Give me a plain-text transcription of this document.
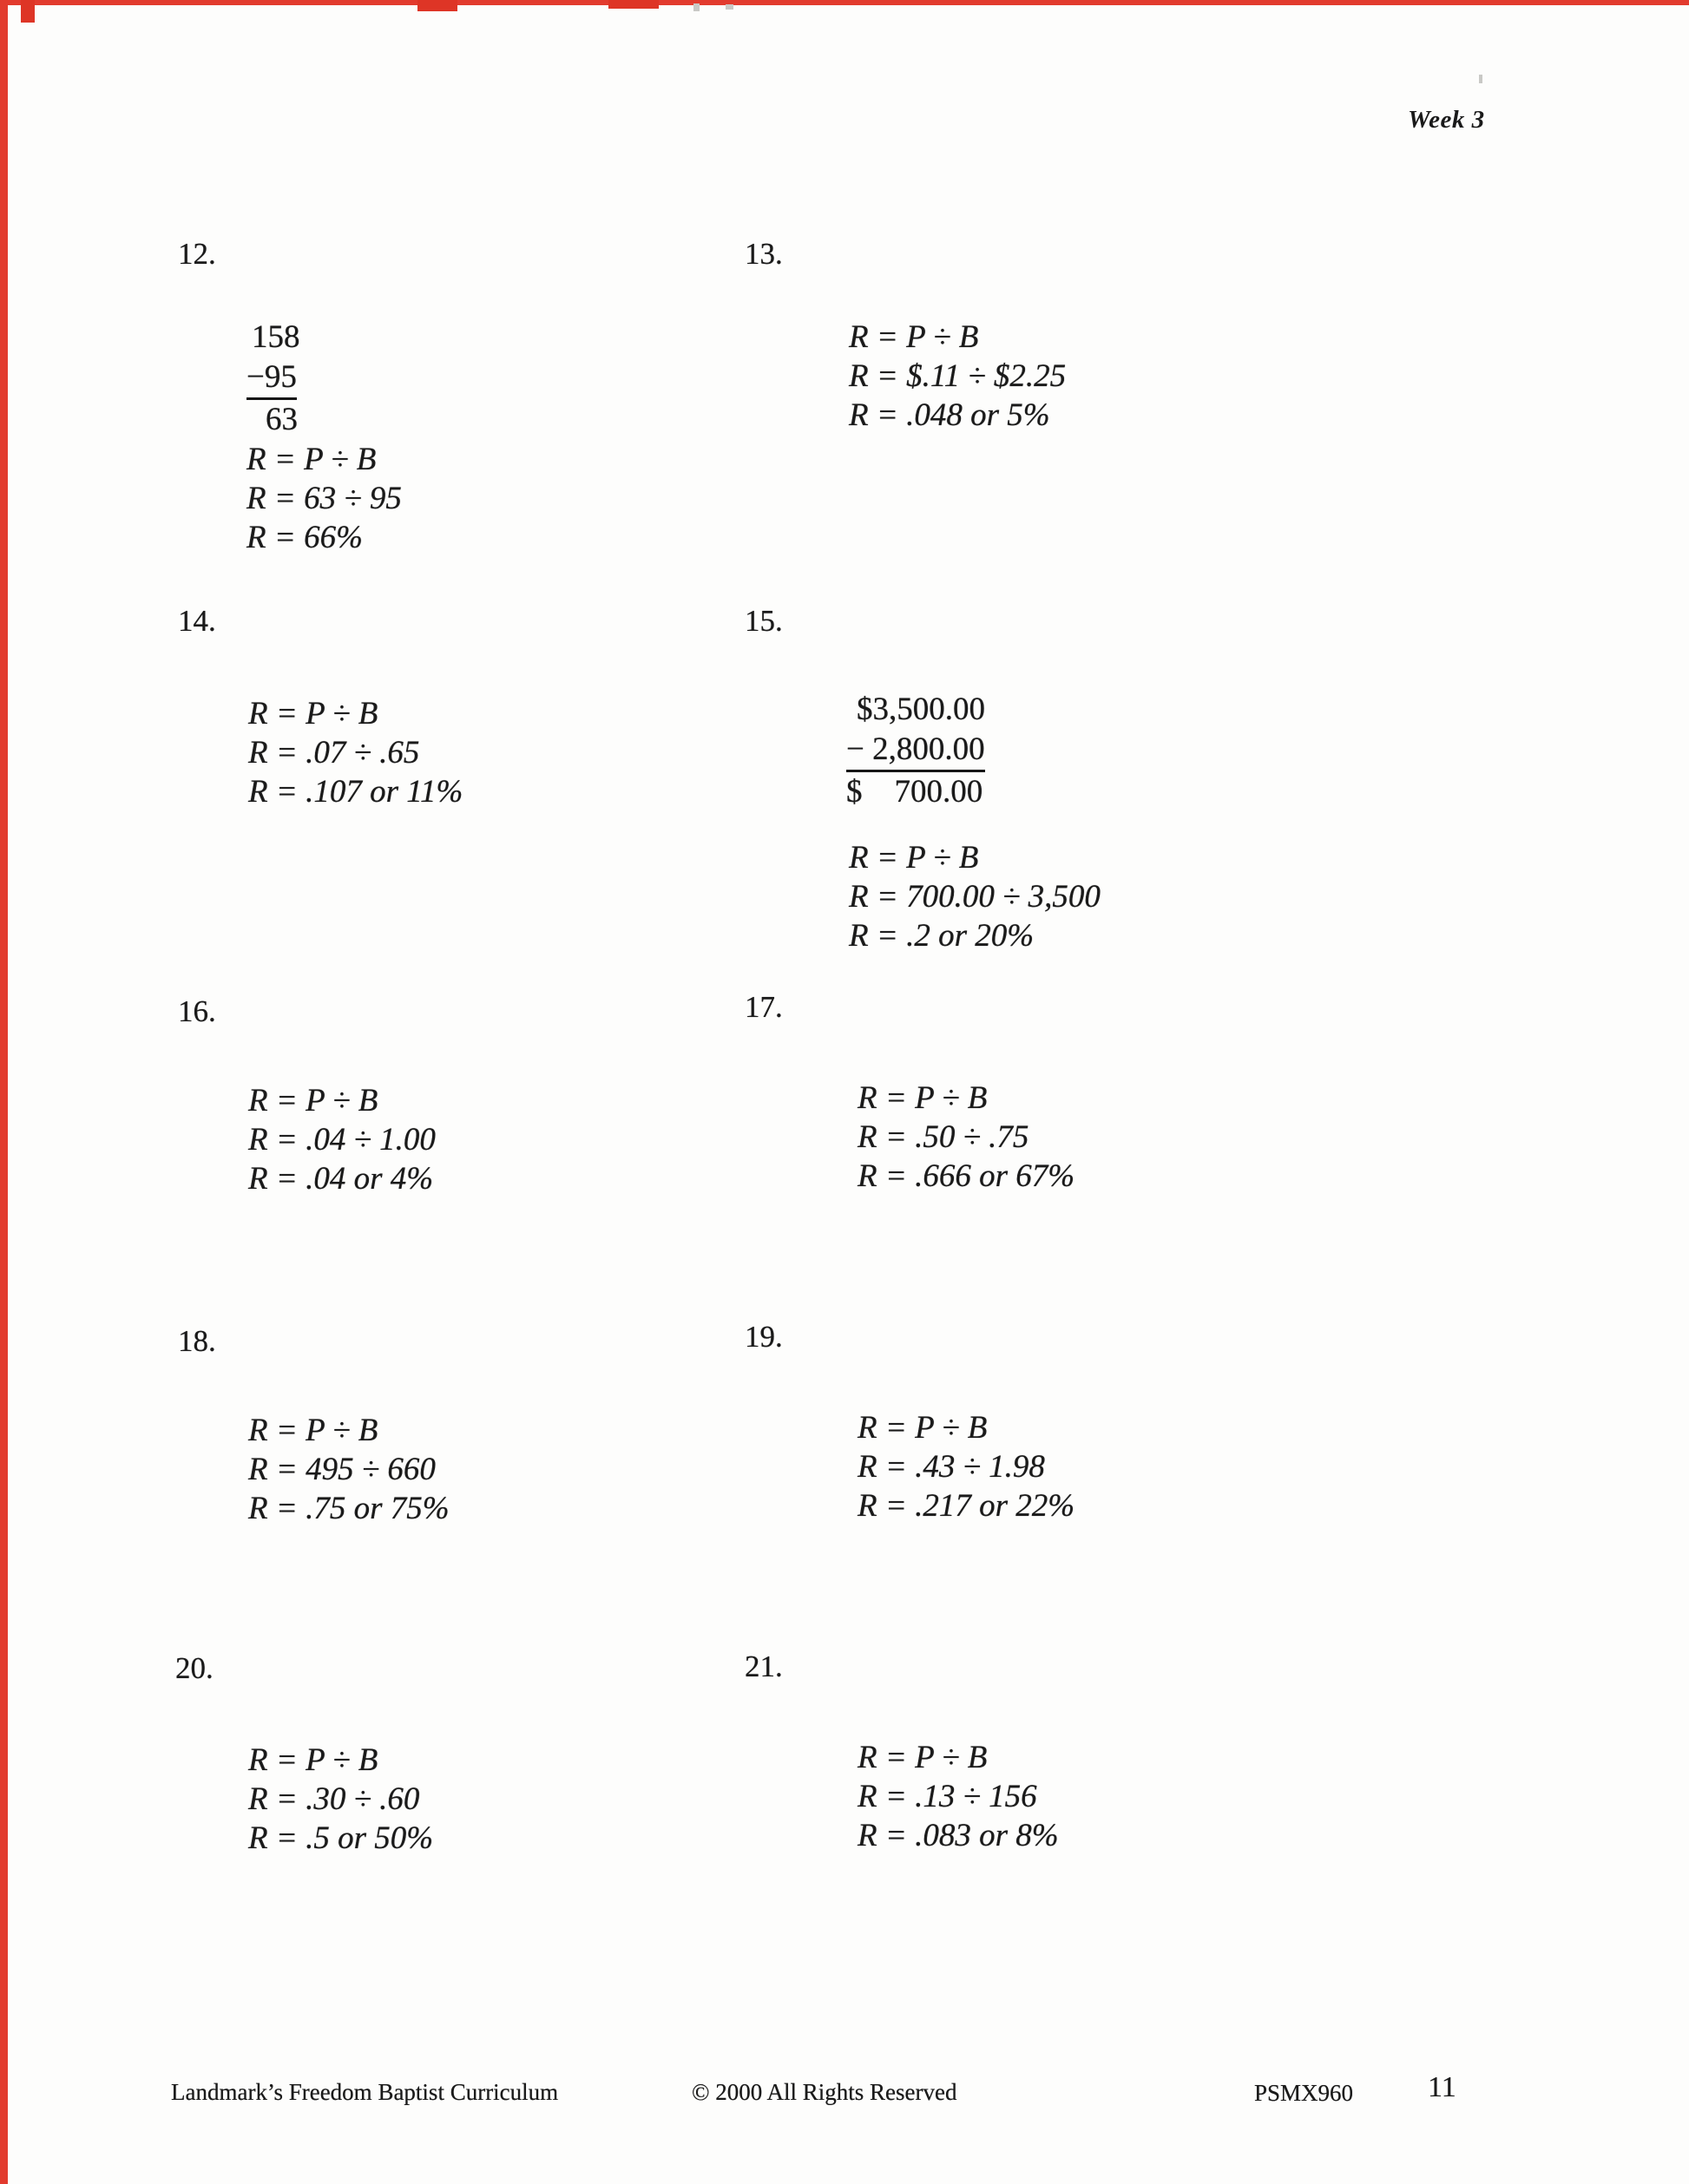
Week 3
12.
158
−95
63
R = P ÷ B
R = 63 ÷ 95
R = 66%
13.
R = P ÷ B
R = $.11 ÷ $2.25
R = .048 or 5%
14.
R = P ÷ B
R = .07 ÷ .65
R = .107 or 11%
15.
$3,500.00
− 2,800.00
$    700.00
R = P ÷ B
R = 700.00 ÷ 3,500
R = .2 or 20%
16.
R = P ÷ B
R = .04 ÷ 1.00
R = .04 or 4%
17.
R = P ÷ B
R = .50 ÷ .75
R = .666 or 67%
18.
R = P ÷ B
R = 495 ÷ 660
R = .75 or 75%
19.
R = P ÷ B
R = .43 ÷ 1.98
R = .217 or 22%
20.
R = P ÷ B
R = .30 ÷ .60
R = .5 or 50%
21.
R = P ÷ B
R = .13 ÷ 156
R = .083 or 8%
Landmark’s Freedom Baptist Curriculum	© 2000 All Rights Reserved	PSMX960	11
